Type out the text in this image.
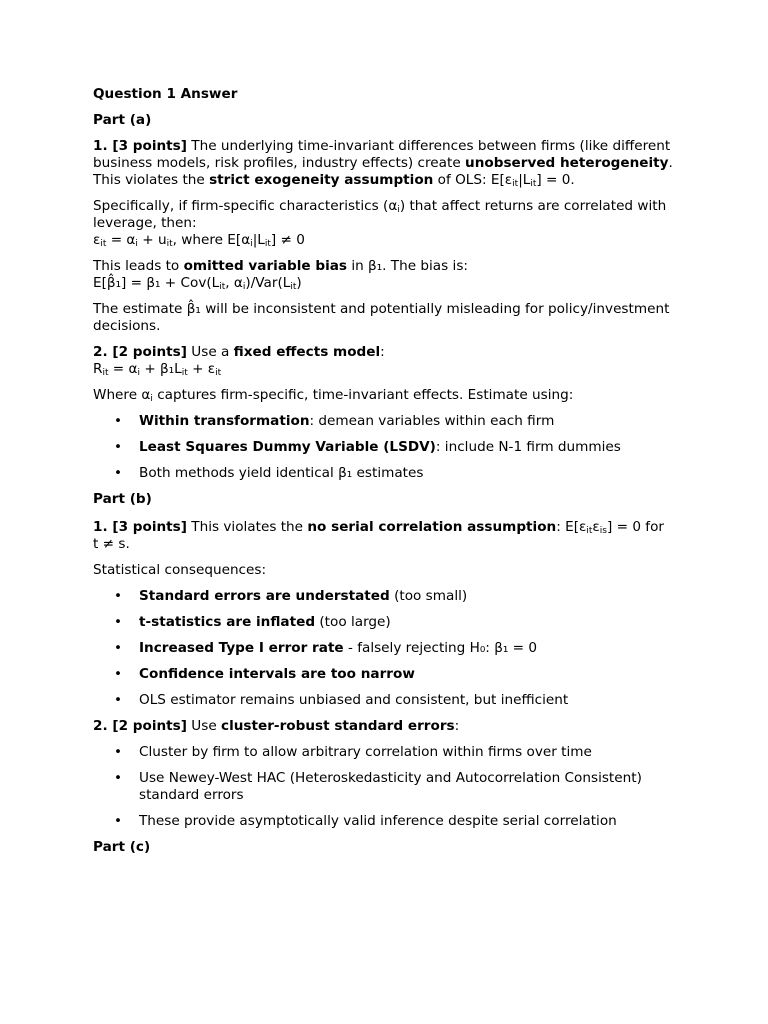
Question 1 Answer

Part (a)

1. [3 points] The underlying time-invariant differences between firms (like different business models, risk profiles, industry effects) create unobserved heterogeneity. This violates the strict exogeneity assumption of OLS: $E[\varepsilon_{it}|L_{it}] = 0$.

Specifically, if firm-specific characteristics $(\alpha_i)$ that affect returns are correlated with leverage, then:
$\varepsilon_{it} = \alpha_i + u_{it}$, where $E[\alpha_i|L_{it}] \ne 0$

This leads to omitted variable bias in β₁. The bias is:
E[β̂₁] = $\beta_1 + Cov(L_{it}$, $\alpha_i)/Var(L_{it})$

The estimate β̂₁ will be inconsistent and potentially misleading for policy/investment decisions.

2. [2 points] Use a fixed effects model:
$R_{it} = \alpha_i + \beta_1L_{it} + \varepsilon_{it}$

Where $\alpha_i$ captures firm-specific, time-invariant effects. Estimate using:

• Within transformation: demean variables within each firm
• Least Squares Dummy Variable (LSDV): include N-1 firm dummies
• Both methods yield identical β₁ estimates

Part (b)

1. [3 points] This violates the no serial correlation assumption: $E[\varepsilon_{it}\varepsilon_{is}] = 0$ for t ≠ s.

Statistical consequences:

• Standard errors are understated (too small)
• t-statistics are inflated (too large)
• Increased Type I error rate - falsely rejecting H₀: β₁ = 0
• Confidence intervals are too narrow
• OLS estimator remains unbiased and consistent, but inefficient

2. [2 points] Use cluster-robust standard errors:

• Cluster by firm to allow arbitrary correlation within firms over time
• Use Newey-West HAC (Heteroskedasticity and Autocorrelation Consistent) standard errors
• These provide asymptotically valid inference despite serial correlation

Part (c)
